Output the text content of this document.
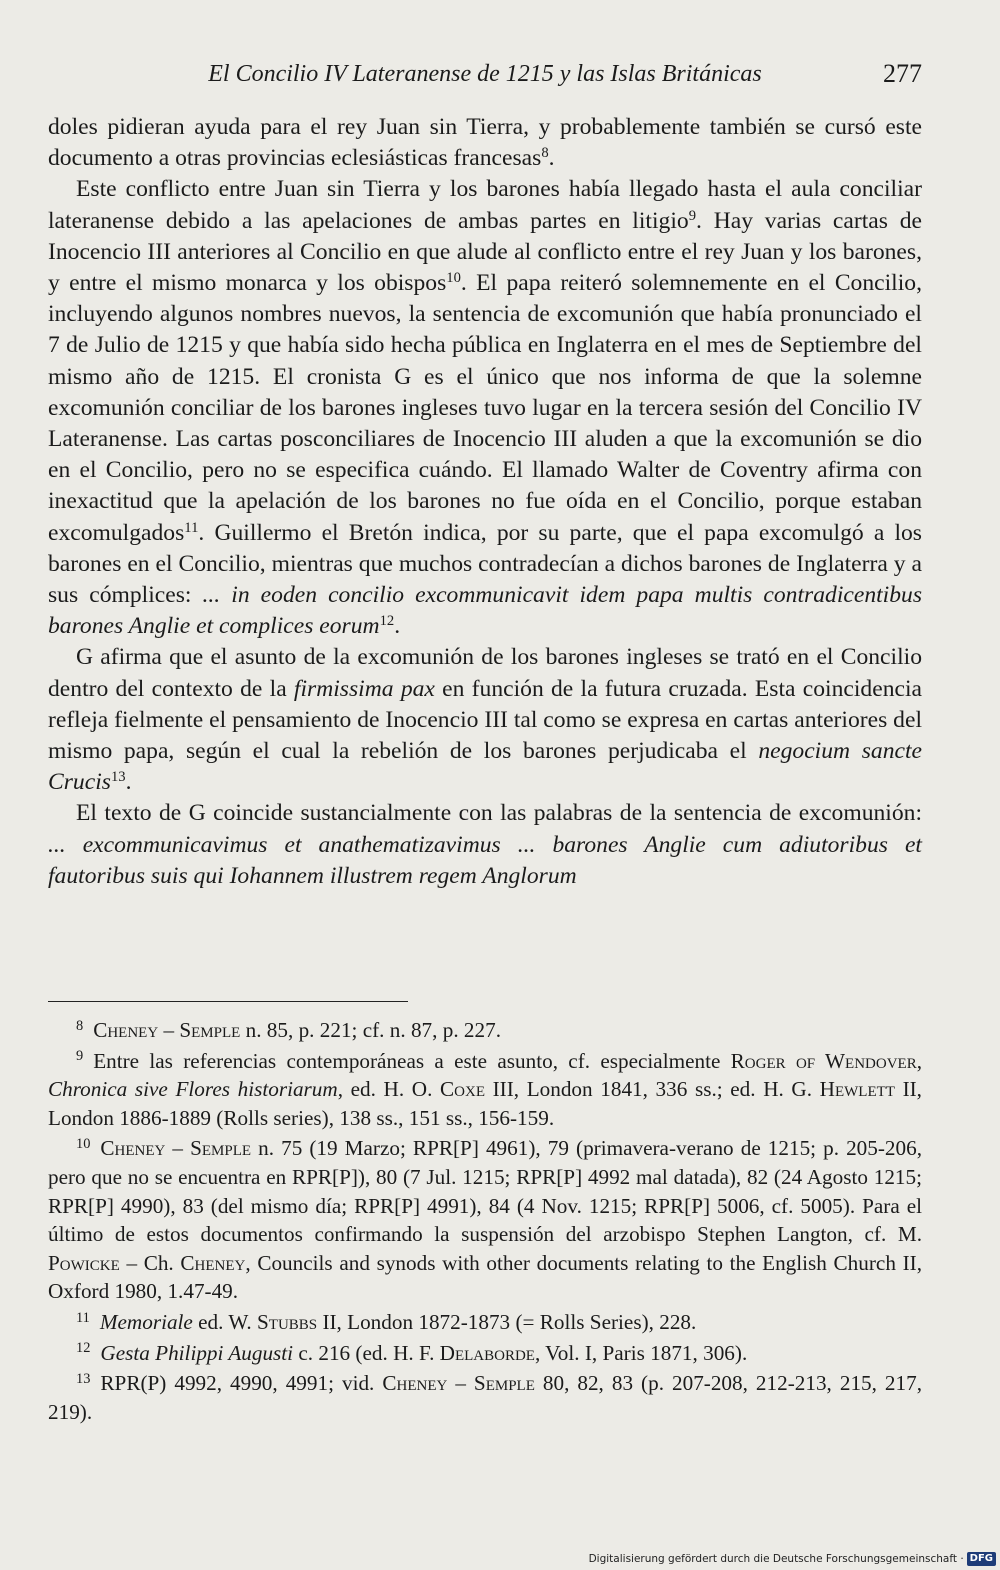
El Concilio IV Lateranense de 1215 y las Islas Británicas	277

doles pidieran ayuda para el rey Juan sin Tierra, y probablemente también se cursó este documento a otras provincias eclesiásticas francesas$^8$.

Este conflicto entre Juan sin Tierra y los barones había llegado hasta el aula conciliar lateranense debido a las apelaciones de ambas partes en litigio$^9$. Hay varias cartas de Inocencio III anteriores al Concilio en que alude al conflicto entre el rey Juan y los barones, y entre el mismo monarca y los obispos$^{10}$. El papa reiteró solemnemente en el Concilio, incluyendo algunos nombres nuevos, la sentencia de excomunión que había pronunciado el 7 de Julio de 1215 y que había sido hecha pública en Inglaterra en el mes de Septiembre del mismo año de 1215. El cronista G es el único que nos informa de que la solemne excomunión conciliar de los barones ingleses tuvo lugar en la tercera sesión del Concilio IV Lateranense. Las cartas posconciliares de Inocencio III aluden a que la excomunión se dio en el Concilio, pero no se especifica cuándo. El llamado Walter de Coventry afirma con inexactitud que la apelación de los barones no fue oída en el Concilio, porque estaban excomulgados$^{11}$. Guillermo el Bretón indica, por su parte, que el papa excomulgó a los barones en el Concilio, mientras que muchos contradecían a dichos barones de Inglaterra y a sus cómplices: ... in eoden concilio excommunicavit idem papa multis contradicentibus barones Anglie et complices eorum$^{12}$.

G afirma que el asunto de la excomunión de los barones ingleses se trató en el Concilio dentro del contexto de la firmissima pax en función de la futura cruzada. Esta coincidencia refleja fielmente el pensamiento de Inocencio III tal como se expresa en cartas anteriores del mismo papa, según el cual la rebelión de los barones perjudicaba el negocium sancte Crucis$^{13}$.

El texto de G coincide sustancialmente con las palabras de la sentencia de excomunión: ... excommunicavimus et anathematizavimus ... barones Anglie cum adiutoribus et fautoribus suis qui Iohannem illustrem regem Anglorum

$^8$ Cheney – Semple n. 85, p. 221; cf. n. 87, p. 227.

$^9$ Entre las referencias contemporáneas a este asunto, cf. especialmente Roger of Wendover, Chronica sive Flores historiarum, ed. H. O. Coxe III, London 1841, 336 ss.; ed. H. G. Hewlett II, London 1886-1889 (Rolls series), 138 ss., 151 ss., 156-159.

$^{10}$ Cheney – Semple n. 75 (19 Marzo; RPR[P] 4961), 79 (primavera-verano de 1215; p. 205-206, pero que no se encuentra en RPR[P]), 80 (7 Jul. 1215; RPR[P] 4992 mal datada), 82 (24 Agosto 1215; RPR[P] 4990), 83 (del mismo día; RPR[P] 4991), 84 (4 Nov. 1215; RPR[P] 5006, cf. 5005). Para el último de estos documentos confirmando la suspensión del arzobispo Stephen Langton, cf. M. Powicke – Ch. Cheney, Councils and synods with other documents relating to the English Church II, Oxford 1980, 1.47-49.

$^{11}$ Memoriale ed. W. Stubbs II, London 1872-1873 (= Rolls Series), 228.

$^{12}$ Gesta Philippi Augusti c. 216 (ed. H. F. Delaborde, Vol. I, Paris 1871, 306).

$^{13}$ RPR(P) 4992, 4990, 4991; vid. Cheney – Semple 80, 82, 83 (p. 207-208, 212-213, 215, 217, 219).

Digitalisierung gefördert durch die Deutsche Forschungsgemeinschaft · DFG
